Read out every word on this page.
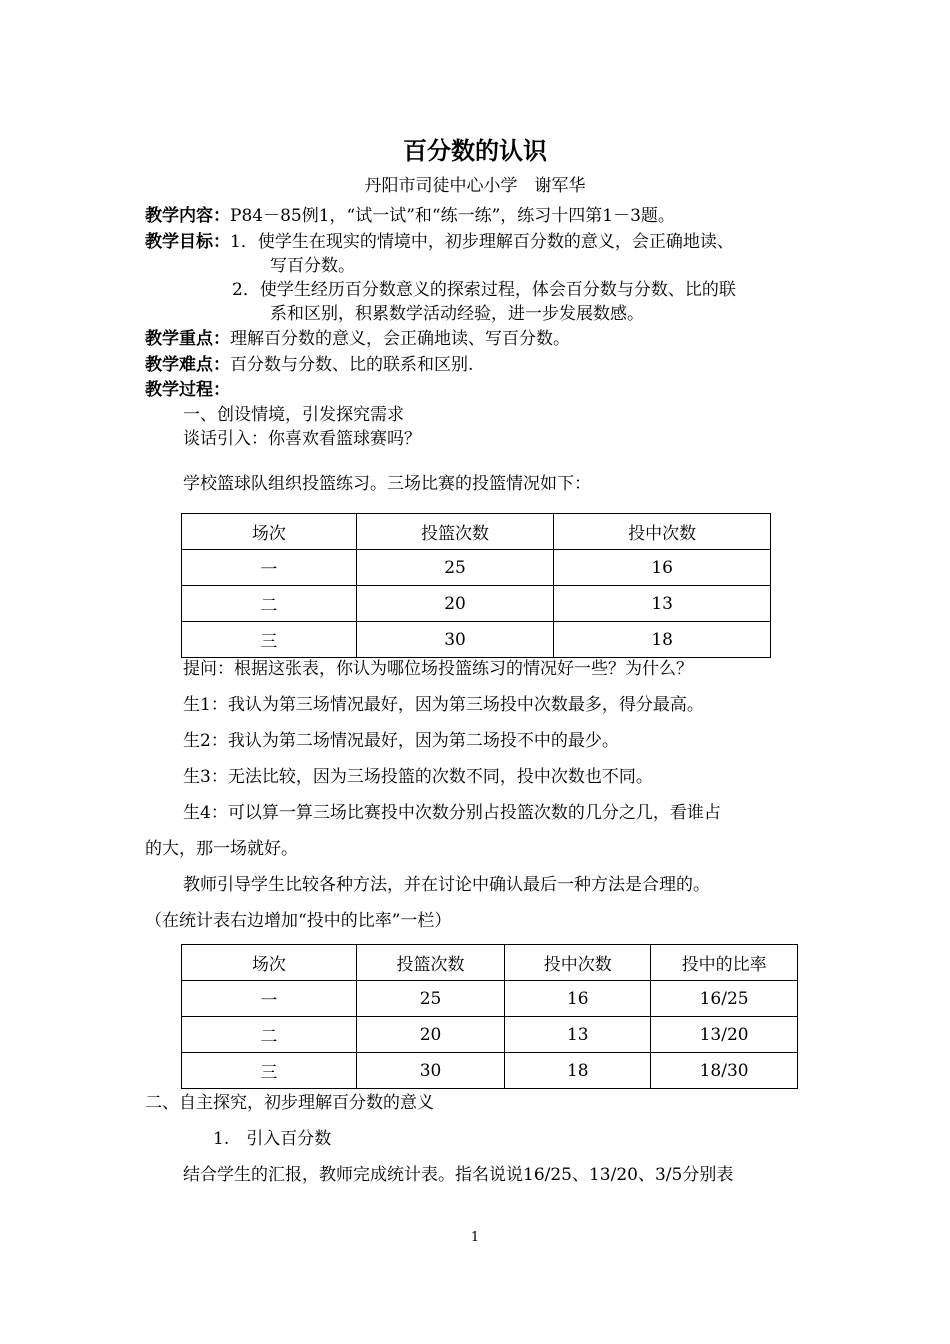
百分数的认识
丹阳市司徒中心小学　谢军华
教学内容：P84－85例1，“试一试”和“练一练”，练习十四第1－3题。
教学目标：1．使学生在现实的情境中，初步理解百分数的意义，会正确地读、
写百分数。
2．使学生经历百分数意义的探索过程，体会百分数与分数、比的联
系和区别，积累数学活动经验，进一步发展数感。
教学重点：理解百分数的意义，会正确地读、写百分数。
教学难点：百分数与分数、比的联系和区别.
教学过程：
一、创设情境，引发探究需求
谈话引入：你喜欢看篮球赛吗？
学校篮球队组织投篮练习。三场比赛的投篮情况如下：
场次	投篮次数	投中次数
一	25	16
二	20	13
三	30	18
提问：根据这张表，你认为哪位场投篮练习的情况好一些？为什么？
生1：我认为第三场情况最好，因为第三场投中次数最多，得分最高。
生2：我认为第二场情况最好，因为第二场投不中的最少。
生3：无法比较，因为三场投篮的次数不同，投中次数也不同。
生4：可以算一算三场比赛投中次数分别占投篮次数的几分之几，看谁占
的大，那一场就好。
教师引导学生比较各种方法，并在讨论中确认最后一种方法是合理的。
（在统计表右边增加“投中的比率”一栏）
场次	投篮次数	投中次数	投中的比率
一	25	16	16/25
二	20	13	13/20
三	30	18	18/30
二、自主探究，初步理解百分数的意义
1.　引入百分数
结合学生的汇报，教师完成统计表。指名说说16/25、13/20、3/5分别表
1
